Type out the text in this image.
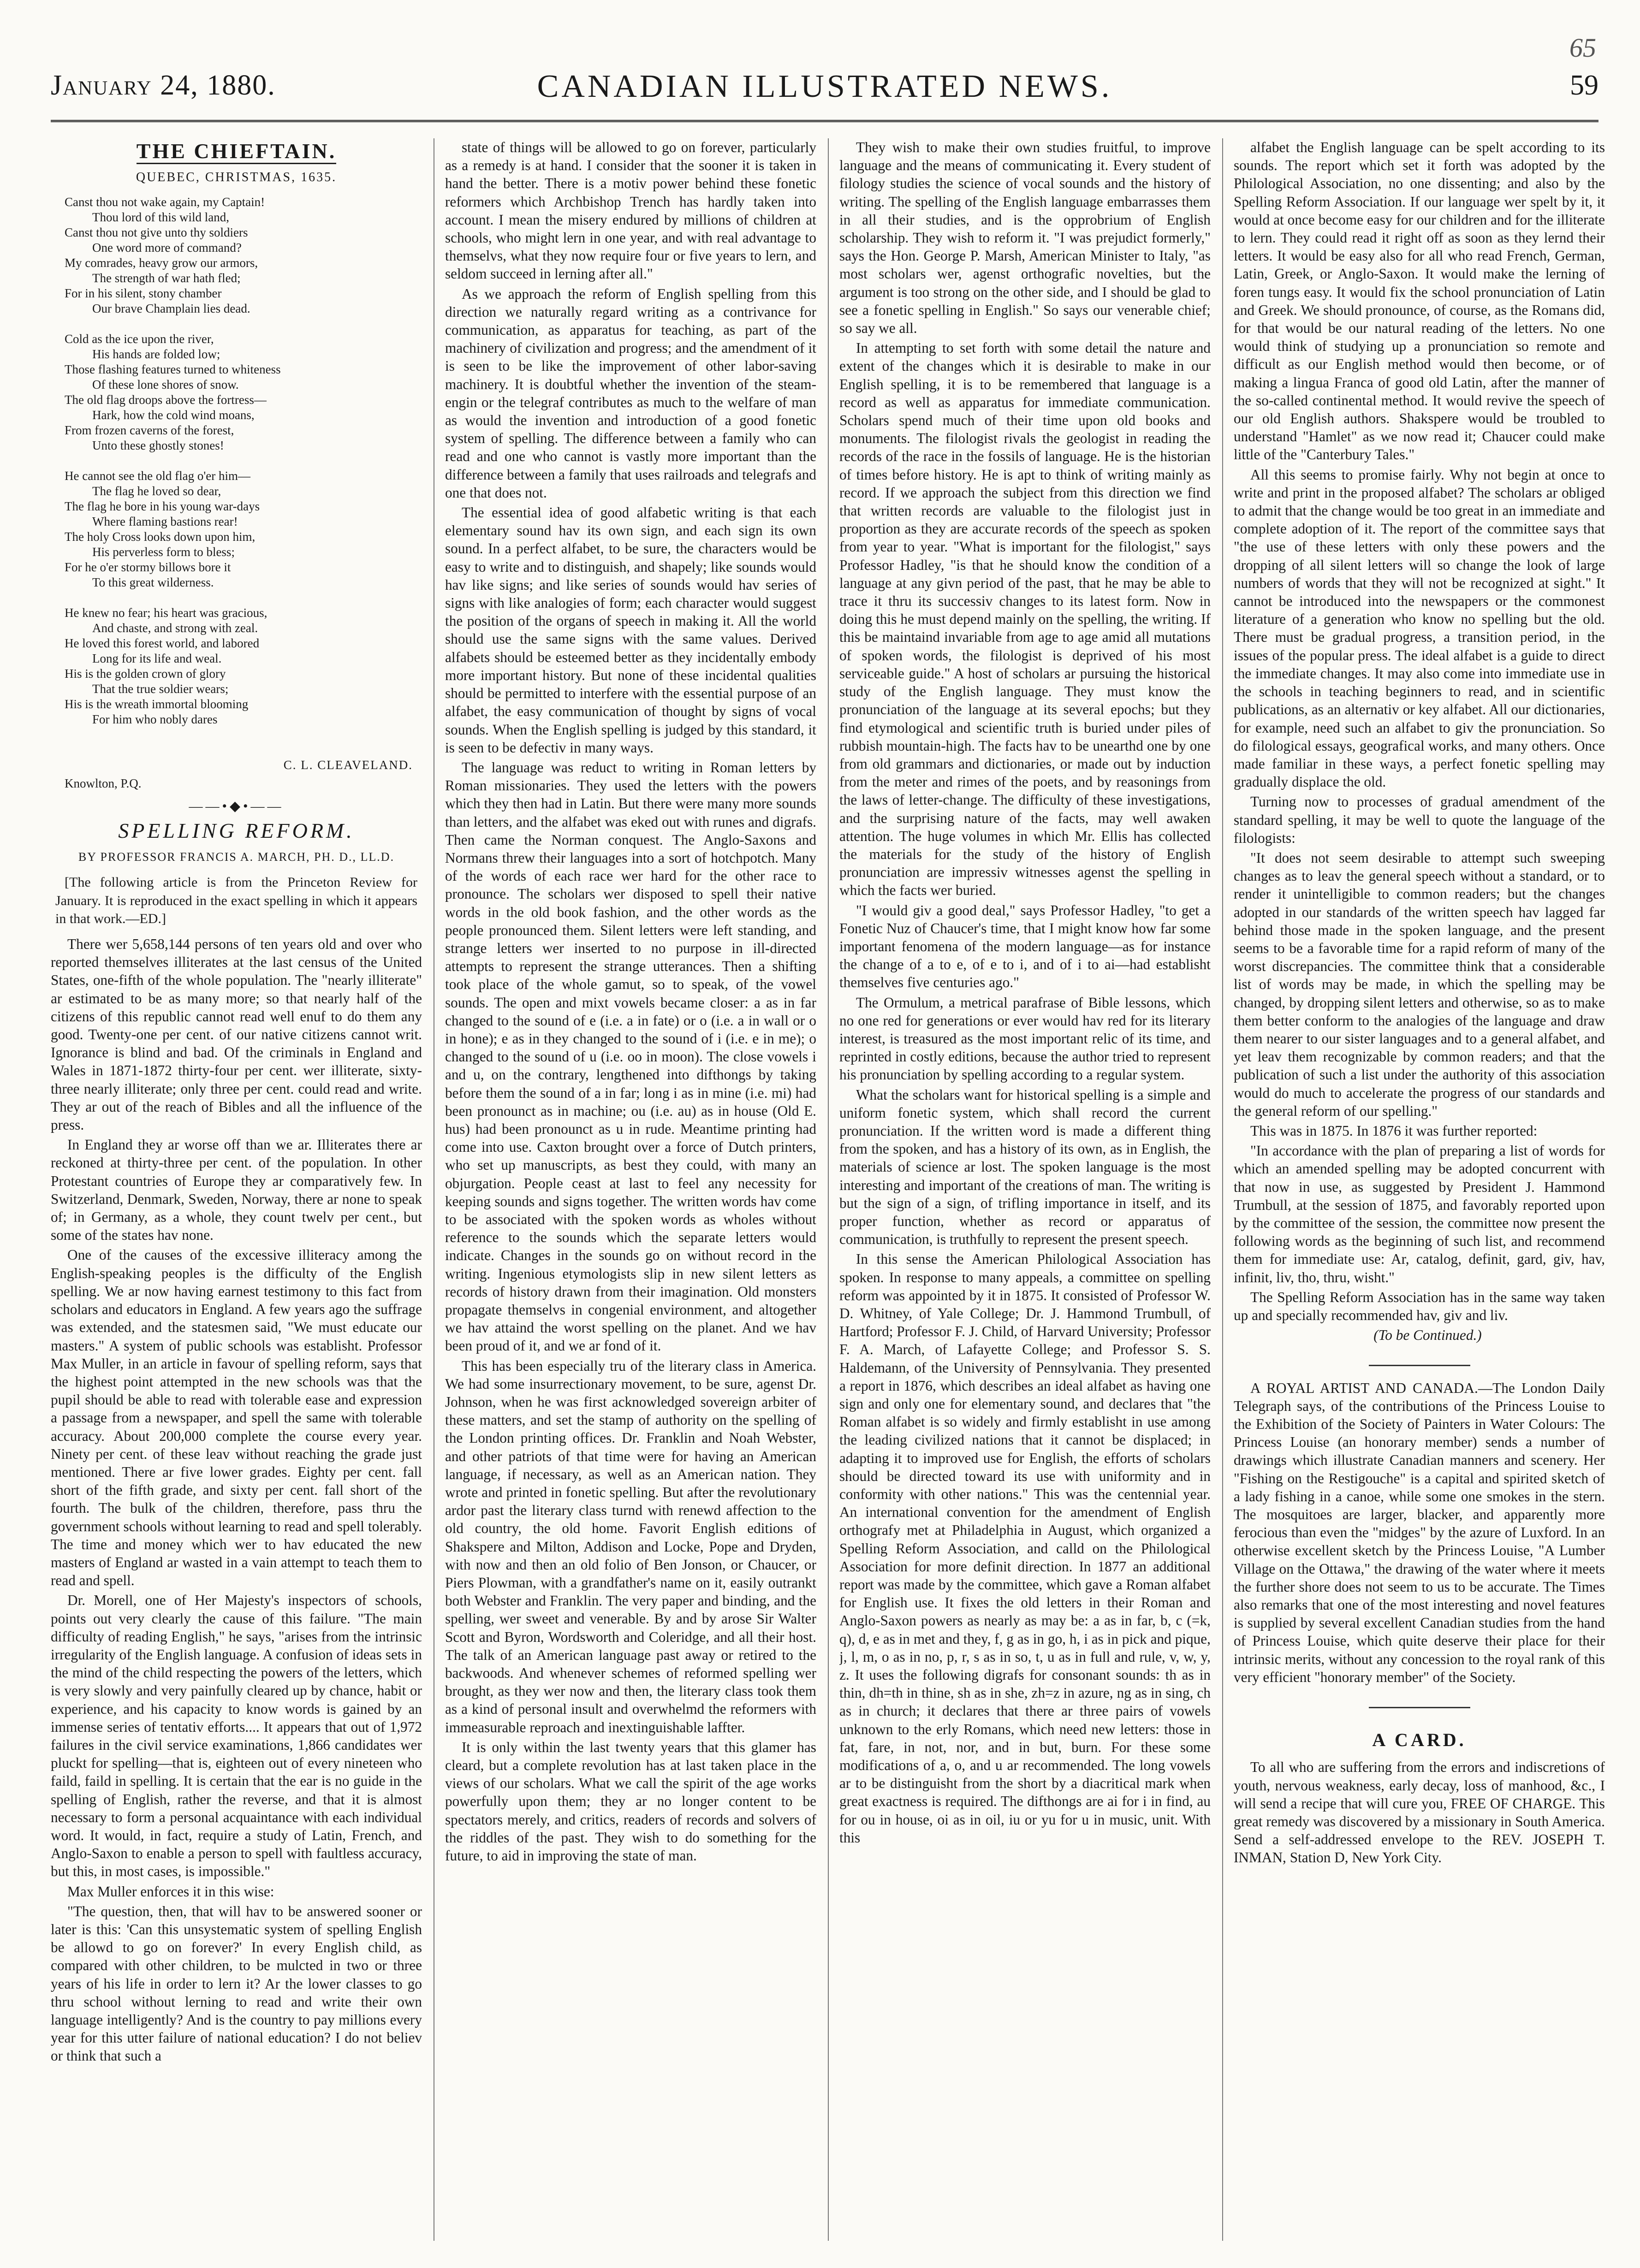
January 24, 1880.	CANADIAN ILLUSTRATED NEWS.
65
59
THE CHIEFTAIN.
QUEBEC, CHRISTMAS, 1635.
Canst thou not wake again, my Captain!
Thou lord of this wild land,
Canst thou not give unto thy soldiers
One word more of command?
My comrades, heavy grow our armors,
The strength of war hath fled;
For in his silent, stony chamber
Our brave Champlain lies dead.

Cold as the ice upon the river,
His hands are folded low;
Those flashing features turned to whiteness
Of these lone shores of snow.
The old flag droops above the fortress—
Hark, how the cold wind moans,
From frozen caverns of the forest,
Unto these ghostly stones!

He cannot see the old flag o'er him—
The flag he loved so dear,
The flag he bore in his young war-days
Where flaming bastions rear!
The holy Cross looks down upon him,
His perverless form to bless;
For he o'er stormy billows bore it
To this great wilderness.

He knew no fear; his heart was gracious,
And chaste, and strong with zeal.
He loved this forest world, and labored
Long for its life and weal.
His is the golden crown of glory
That the true soldier wears;
His is the wreath immortal blooming
For him who nobly dares

C. L. CLEAVELAND.
Knowlton, P.Q.
——•◆•——
SPELLING REFORM.
BY PROFESSOR FRANCIS A. MARCH, PH. D., LL.D.
[The following article is from the Princeton Review for January. It is reproduced in the exact spelling in which it appears in that work.—ED.]

There wer 5,658,144 persons of ten years old and over who reported themselves illiterates at the last census of the United States, one-fifth of the whole population. The "nearly illiterate" ar estimated to be as many more; so that nearly half of the citizens of this republic cannot read well enuf to do them any good. Twenty-one per cent. of our native citizens cannot writ. Ignorance is blind and bad. Of the criminals in England and Wales in 1871-1872 thirty-four per cent. wer illiterate, sixty-three nearly illiterate; only three per cent. could read and write. They ar out of the reach of Bibles and all the influence of the press.

In England they ar worse off than we ar. Illiterates there ar reckoned at thirty-three per cent. of the population. In other Protestant countries of Europe they ar comparatively few. In Switzerland, Denmark, Sweden, Norway, there ar none to speak of; in Germany, as a whole, they count twelv per cent., but some of the states hav none.

One of the causes of the excessive illiteracy among the English-speaking peoples is the difficulty of the English spelling. We ar now having earnest testimony to this fact from scholars and educators in England. A few years ago the suffrage was extended, and the statesmen said, "We must educate our masters." A system of public schools was establisht. Professor Max Muller, in an article in favour of spelling reform, says that the highest point attempted in the new schools was that the pupil should be able to read with tolerable ease and expression a passage from a newspaper, and spell the same with tolerable accuracy. About 200,000 complete the course every year. Ninety per cent. of these leav without reaching the grade just mentioned. There ar five lower grades. Eighty per cent. fall short of the fifth grade, and sixty per cent. fall short of the fourth. The bulk of the children, therefore, pass thru the government schools without learning to read and spell tolerably. The time and money which wer to hav educated the new masters of England ar wasted in a vain attempt to teach them to read and spell.

Dr. Morell, one of Her Majesty's inspectors of schools, points out very clearly the cause of this failure. "The main difficulty of reading English," he says, "arises from the intrinsic irregularity of the English language. A confusion of ideas sets in the mind of the child respecting the powers of the letters, which is very slowly and very painfully cleared up by chance, habit or experience, and his capacity to know words is gained by an immense series of tentativ efforts.... It appears that out of 1,972 failures in the civil service examinations, 1,866 candidates wer pluckt for spelling—that is, eighteen out of every nineteen who faild, faild in spelling. It is certain that the ear is no guide in the spelling of English, rather the reverse, and that it is almost necessary to form a personal acquaintance with each individual word. It would, in fact, require a study of Latin, French, and Anglo-Saxon to enable a person to spell with faultless accuracy, but this, in most cases, is impossible."

Max Muller enforces it in this wise:

"The question, then, that will hav to be answered sooner or later is this: 'Can this unsystematic system of spelling English be allowd to go on forever?' In every English child, as compared with other children, to be mulcted in two or three years of his life in order to lern it? Ar the lower classes to go thru school without lerning to read and write their own language intelligently? And is the country to pay millions every year for this utter failure of national education? I do not believ or think that such a

state of things will be allowed to go on forever, particularly as a remedy is at hand. I consider that the sooner it is taken in hand the better. There is a motiv power behind these fonetic reformers which Archbishop Trench has hardly taken into account. I mean the misery endured by millions of children at schools, who might lern in one year, and with real advantage to themselvs, what they now require four or five years to lern, and seldom succeed in lerning after all."

As we approach the reform of English spelling from this direction we naturally regard writing as a contrivance for communication, as apparatus for teaching, as part of the machinery of civilization and progress; and the amendment of it is seen to be like the improvement of other labor-saving machinery. It is doubtful whether the invention of the steam-engin or the telegraf contributes as much to the welfare of man as would the invention and introduction of a good fonetic system of spelling. The difference between a family who can read and one who cannot is vastly more important than the difference between a family that uses railroads and telegrafs and one that does not.

The essential idea of good alfabetic writing is that each elementary sound hav its own sign, and each sign its own sound. In a perfect alfabet, to be sure, the characters would be easy to write and to distinguish, and shapely; like sounds would hav like signs; and like series of sounds would hav series of signs with like analogies of form; each character would suggest the position of the organs of speech in making it. All the world should use the same signs with the same values. Derived alfabets should be esteemed better as they incidentally embody more important history. But none of these incidental qualities should be permitted to interfere with the essential purpose of an alfabet, the easy communication of thought by signs of vocal sounds. When the English spelling is judged by this standard, it is seen to be defectiv in many ways.

The language was reduct to writing in Roman letters by Roman missionaries. They used the letters with the powers which they then had in Latin. But there were many more sounds than letters, and the alfabet was eked out with runes and digrafs. Then came the Norman conquest. The Anglo-Saxons and Normans threw their languages into a sort of hotchpotch. Many of the words of each race wer hard for the other race to pronounce. The scholars wer disposed to spell their native words in the old book fashion, and the other words as the people pronounced them. Silent letters were left standing, and strange letters wer inserted to no purpose in ill-directed attempts to represent the strange utterances. Then a shifting took place of the whole gamut, so to speak, of the vowel sounds. The open and mixt vowels became closer: a as in far changed to the sound of e (i.e. a in fate) or o (i.e. a in wall or o in hone); e as in they changed to the sound of i (i.e. e in me); o changed to the sound of u (i.e. oo in moon). The close vowels i and u, on the contrary, lengthened into difthongs by taking before them the sound of a in far; long i as in mine (i.e. mi) had been pronounct as in machine; ou (i.e. au) as in house (Old E. hus) had been pronounct as u in rude. Meantime printing had come into use. Caxton brought over a force of Dutch printers, who set up manuscripts, as best they could, with many an objurgation. People ceast at last to feel any necessity for keeping sounds and signs together. The written words hav come to be associated with the spoken words as wholes without reference to the sounds which the separate letters would indicate. Changes in the sounds go on without record in the writing. Ingenious etymologists slip in new silent letters as records of history drawn from their imagination. Old monsters propagate themselvs in congenial environment, and altogether we hav attaind the worst spelling on the planet. And we hav been proud of it, and we ar fond of it.

This has been especially tru of the literary class in America. We had some insurrectionary movement, to be sure, agenst Dr. Johnson, when he was first acknowledged sovereign arbiter of these matters, and set the stamp of authority on the spelling of the London printing offices. Dr. Franklin and Noah Webster, and other patriots of that time were for having an American language, if necessary, as well as an American nation. They wrote and printed in fonetic spelling. But after the revolutionary ardor past the literary class turnd with renewd affection to the old country, the old home. Favorit English editions of Shakspere and Milton, Addison and Locke, Pope and Dryden, with now and then an old folio of Ben Jonson, or Chaucer, or Piers Plowman, with a grandfather's name on it, easily outrankt both Webster and Franklin. The very paper and binding, and the spelling, wer sweet and venerable. By and by arose Sir Walter Scott and Byron, Wordsworth and Coleridge, and all their host. The talk of an American language past away or retired to the backwoods. And whenever schemes of reformed spelling wer brought, as they wer now and then, the literary class took them as a kind of personal insult and overwhelmd the reformers with immeasurable reproach and inextinguishable laffter.

It is only within the last twenty years that this glamer has cleard, but a complete revolution has at last taken place in the views of our scholars. What we call the spirit of the age works powerfully upon them; they ar no longer content to be spectators merely, and critics, readers of records and solvers of the riddles of the past. They wish to do something for the future, to aid in improving the state of man.

They wish to make their own studies fruitful, to improve language and the means of communicating it. Every student of filology studies the science of vocal sounds and the history of writing. The spelling of the English language embarrasses them in all their studies, and is the opprobrium of English scholarship. They wish to reform it. "I was prejudict formerly," says the Hon. George P. Marsh, American Minister to Italy, "as most scholars wer, agenst orthografic novelties, but the argument is too strong on the other side, and I should be glad to see a fonetic spelling in English." So says our venerable chief; so say we all.

In attempting to set forth with some detail the nature and extent of the changes which it is desirable to make in our English spelling, it is to be remembered that language is a record as well as apparatus for immediate communication. Scholars spend much of their time upon old books and monuments. The filologist rivals the geologist in reading the records of the race in the fossils of language. He is the historian of times before history. He is apt to think of writing mainly as record. If we approach the subject from this direction we find that written records are valuable to the filologist just in proportion as they are accurate records of the speech as spoken from year to year. "What is important for the filologist," says Professor Hadley, "is that he should know the condition of a language at any givn period of the past, that he may be able to trace it thru its successiv changes to its latest form. Now in doing this he must depend mainly on the spelling, the writing. If this be maintaind invariable from age to age amid all mutations of spoken words, the filologist is deprived of his most serviceable guide." A host of scholars ar pursuing the historical study of the English language. They must know the pronunciation of the language at its several epochs; but they find etymological and scientific truth is buried under piles of rubbish mountain-high. The facts hav to be unearthd one by one from old grammars and dictionaries, or made out by induction from the meter and rimes of the poets, and by reasonings from the laws of letter-change. The difficulty of these investigations, and the surprising nature of the facts, may well awaken attention. The huge volumes in which Mr. Ellis has collected the materials for the study of the history of English pronunciation are impressiv witnesses agenst the spelling in which the facts wer buried.

"I would giv a good deal," says Professor Hadley, "to get a Fonetic Nuz of Chaucer's time, that I might know how far some important fenomena of the modern language—as for instance the change of a to e, of e to i, and of i to ai—had establisht themselves five centuries ago."

The Ormulum, a metrical parafrase of Bible lessons, which no one red for generations or ever would hav red for its literary interest, is treasured as the most important relic of its time, and reprinted in costly editions, because the author tried to represent his pronunciation by spelling according to a regular system.

What the scholars want for historical spelling is a simple and uniform fonetic system, which shall record the current pronunciation. If the written word is made a different thing from the spoken, and has a history of its own, as in English, the materials of science ar lost. The spoken language is the most interesting and important of the creations of man. The writing is but the sign of a sign, of trifling importance in itself, and its proper function, whether as record or apparatus of communication, is truthfully to represent the present speech.

In this sense the American Philological Association has spoken. In response to many appeals, a committee on spelling reform was appointed by it in 1875. It consisted of Professor W. D. Whitney, of Yale College; Dr. J. Hammond Trumbull, of Hartford; Professor F. J. Child, of Harvard University; Professor F. A. March, of Lafayette College; and Professor S. S. Haldemann, of the University of Pennsylvania. They presented a report in 1876, which describes an ideal alfabet as having one sign and only one for elementary sound, and declares that "the Roman alfabet is so widely and firmly establisht in use among the leading civilized nations that it cannot be displaced; in adapting it to improved use for English, the efforts of scholars should be directed toward its use with uniformity and in conformity with other nations." This was the centennial year. An international convention for the amendment of English orthografy met at Philadelphia in August, which organized a Spelling Reform Association, and calld on the Philological Association for more definit direction. In 1877 an additional report was made by the committee, which gave a Roman alfabet for English use. It fixes the old letters in their Roman and Anglo-Saxon powers as nearly as may be: a as in far, b, c (=k, q), d, e as in met and they, f, g as in go, h, i as in pick and pique, j, l, m, o as in no, p, r, s as in so, t, u as in full and rule, v, w, y, z. It uses the following digrafs for consonant sounds: th as in thin, dh=th in thine, sh as in she, zh=z in azure, ng as in sing, ch as in church; it declares that there ar three pairs of vowels unknown to the erly Romans, which need new letters: those in fat, fare, in not, nor, and in but, burn. For these some modifications of a, o, and u ar recommended. The long vowels ar to be distinguisht from the short by a diacritical mark when great exactness is required. The difthongs are ai for i in find, au for ou in house, oi as in oil, iu or yu for u in music, unit. With this

alfabet the English language can be spelt according to its sounds. The report which set it forth was adopted by the Philological Association, no one dissenting; and also by the Spelling Reform Association. If our language wer spelt by it, it would at once become easy for our children and for the illiterate to lern. They could read it right off as soon as they lernd their letters. It would be easy also for all who read French, German, Latin, Greek, or Anglo-Saxon. It would make the lerning of foren tungs easy. It would fix the school pronunciation of Latin and Greek. We should pronounce, of course, as the Romans did, for that would be our natural reading of the letters. No one would think of studying up a pronunciation so remote and difficult as our English method would then become, or of making a lingua Franca of good old Latin, after the manner of the so-called continental method. It would revive the speech of our old English authors. Shakspere would be troubled to understand "Hamlet" as we now read it; Chaucer could make little of the "Canterbury Tales."

All this seems to promise fairly. Why not begin at once to write and print in the proposed alfabet? The scholars ar obliged to admit that the change would be too great in an immediate and complete adoption of it. The report of the committee says that "the use of these letters with only these powers and the dropping of all silent letters will so change the look of large numbers of words that they will not be recognized at sight." It cannot be introduced into the newspapers or the commonest literature of a generation who know no spelling but the old. There must be gradual progress, a transition period, in the issues of the popular press. The ideal alfabet is a guide to direct the immediate changes. It may also come into immediate use in the schools in teaching beginners to read, and in scientific publications, as an alternativ or key alfabet. All our dictionaries, for example, need such an alfabet to giv the pronunciation. So do filological essays, geografical works, and many others. Once made familiar in these ways, a perfect fonetic spelling may gradually displace the old.

Turning now to processes of gradual amendment of the standard spelling, it may be well to quote the language of the filologists:

"It does not seem desirable to attempt such sweeping changes as to leav the general speech without a standard, or to render it unintelligible to common readers; but the changes adopted in our standards of the written speech hav lagged far behind those made in the spoken language, and the present seems to be a favorable time for a rapid reform of many of the worst discrepancies. The committee think that a considerable list of words may be made, in which the spelling may be changed, by dropping silent letters and otherwise, so as to make them better conform to the analogies of the language and draw them nearer to our sister languages and to a general alfabet, and yet leav them recognizable by common readers; and that the publication of such a list under the authority of this association would do much to accelerate the progress of our standards and the general reform of our spelling."

This was in 1875. In 1876 it was further reported:

"In accordance with the plan of preparing a list of words for which an amended spelling may be adopted concurrent with that now in use, as suggested by President J. Hammond Trumbull, at the session of 1875, and favorably reported upon by the committee of the session, the committee now present the following words as the beginning of such list, and recommend them for immediate use: Ar, catalog, definit, gard, giv, hav, infinit, liv, tho, thru, wisht."

The Spelling Reform Association has in the same way taken up and specially recommended hav, giv and liv.

(To be Continued.)

A ROYAL ARTIST AND CANADA.—The London Daily Telegraph says, of the contributions of the Princess Louise to the Exhibition of the Society of Painters in Water Colours: The Princess Louise (an honorary member) sends a number of drawings which illustrate Canadian manners and scenery. Her "Fishing on the Restigouche" is a capital and spirited sketch of a lady fishing in a canoe, while some one smokes in the stern. The mosquitoes are larger, blacker, and apparently more ferocious than even the "midges" by the azure of Luxford. In an otherwise excellent sketch by the Princess Louise, "A Lumber Village on the Ottawa," the drawing of the water where it meets the further shore does not seem to us to be accurate. The Times also remarks that one of the most interesting and novel features is supplied by several excellent Canadian studies from the hand of Princess Louise, which quite deserve their place for their intrinsic merits, without any concession to the royal rank of this very efficient "honorary member" of the Society.

A CARD.

To all who are suffering from the errors and indiscretions of youth, nervous weakness, early decay, loss of manhood, &c., I will send a recipe that will cure you, FREE OF CHARGE. This great remedy was discovered by a missionary in South America. Send a self-addressed envelope to the REV. JOSEPH T. INMAN, Station D, New York City.
